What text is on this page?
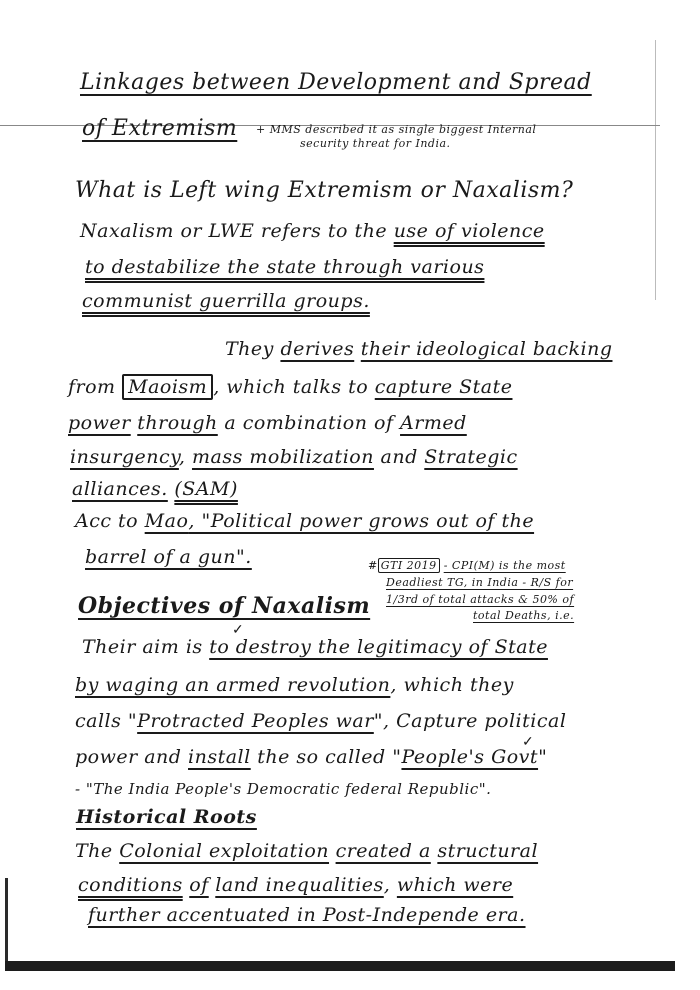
Linkages between Development and Spread
of Extremism + MMS described it as single biggest Internal
security threat for India.
What is Left wing Extremism or Naxalism?
Naxalism or LWE refers to the use of violence
to destabilize the state through various
communist guerrilla groups.
They derives their ideological backing
from Maoism , which talks to capture State
power through a combination of Armed
insurgency, mass mobilization and Strategic
alliances. (SAM)
Acc to Mao, "Political power grows out of the
barrel of a gun".	# GTI 2019 - CPI(M) is the most
Deadliest TG, in India - R/S for
1/3rd of total attacks & 50% of
total Deaths, i.e.
Objectives of Naxalism
Their aim is to destroy the legitimacy of State
✓
by waging an armed revolution, which they
calls "Protracted Peoples war", Capture political
power and install the so called "People's Govt"
✓
- "The India People's Democratic federal Republic".
Historical Roots
The Colonial exploitation created a structural
conditions of land inequalities, which were
further accentuated in Post-Independe era.
